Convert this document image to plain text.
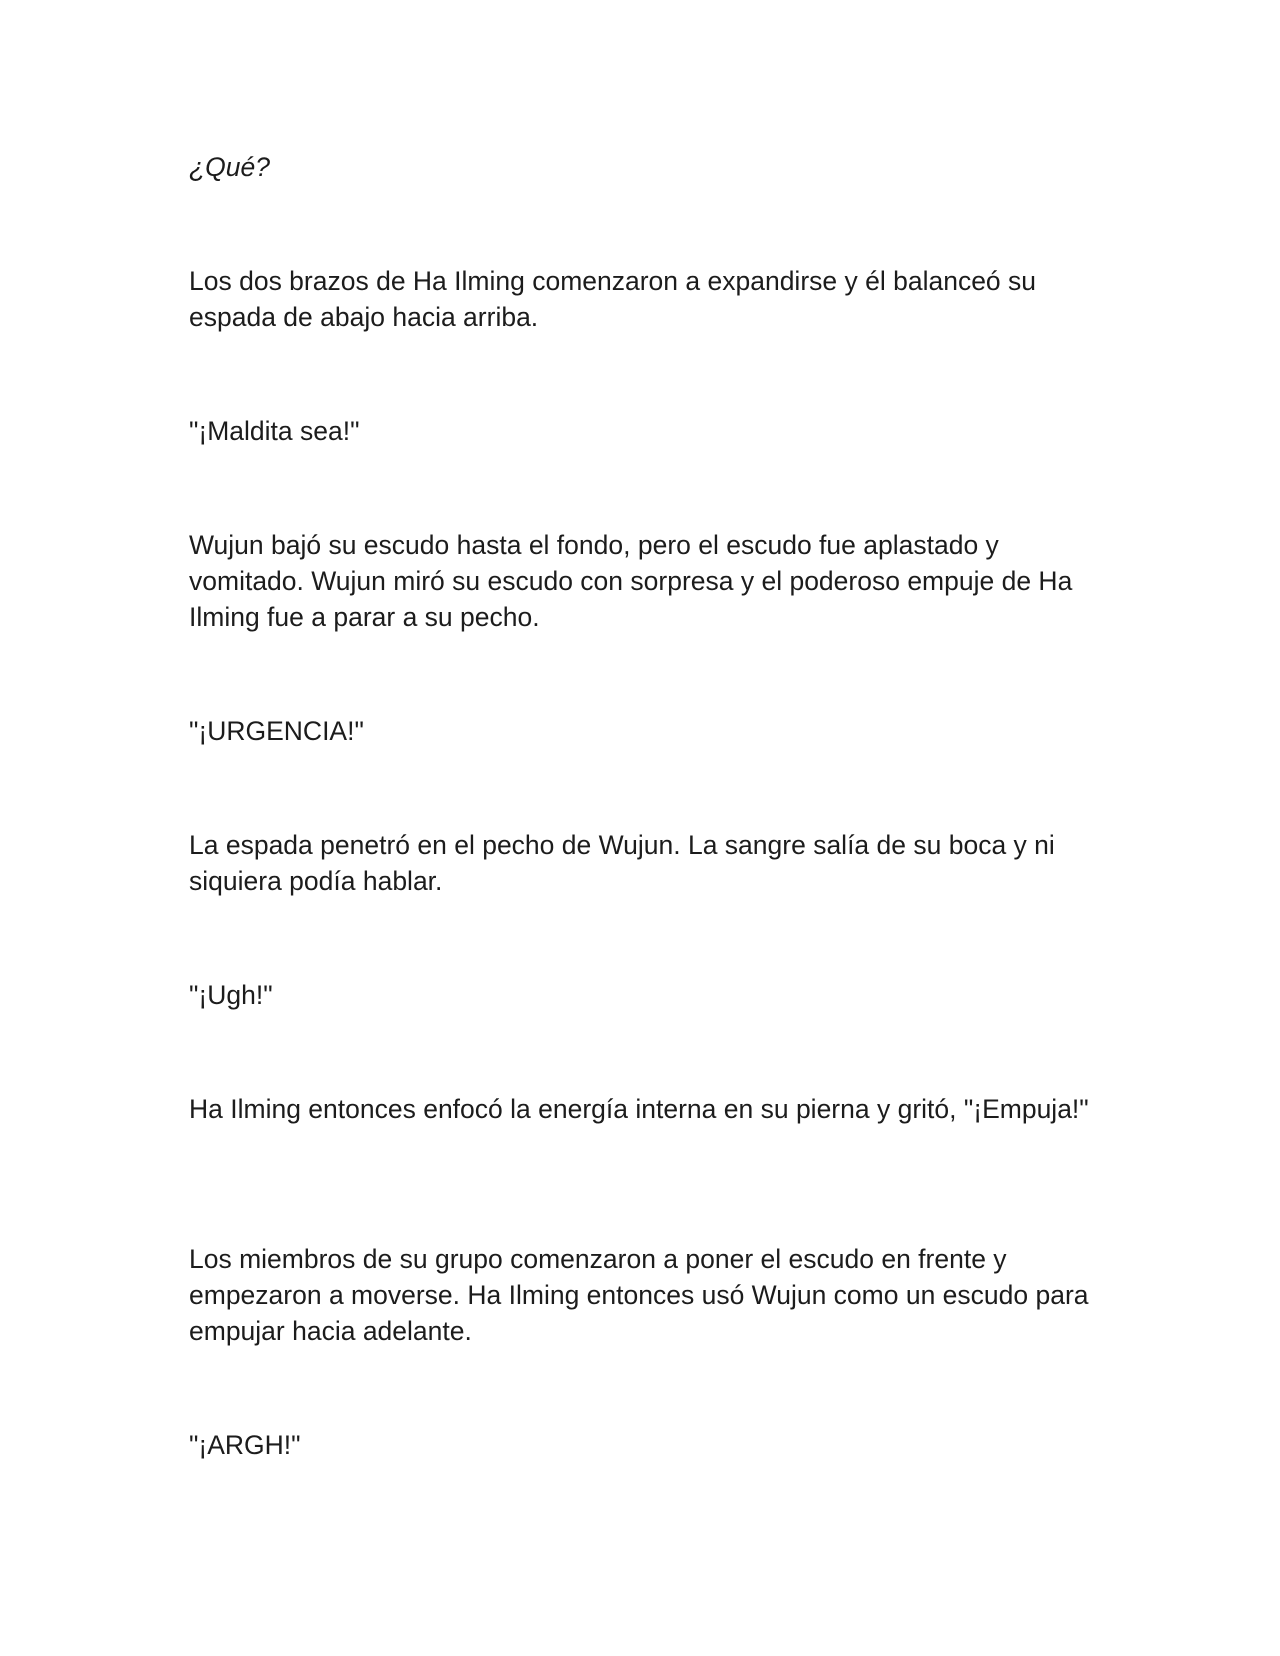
¿Qué?

Los dos brazos de Ha Ilming comenzaron a expandirse y él balanceó su espada de abajo hacia arriba.

"¡Maldita sea!"

Wujun bajó su escudo hasta el fondo, pero el escudo fue aplastado y vomitado. Wujun miró su escudo con sorpresa y el poderoso empuje de Ha Ilming fue a parar a su pecho.

"¡URGENCIA!"

La espada penetró en el pecho de Wujun. La sangre salía de su boca y ni siquiera podía hablar.

"¡Ugh!"

Ha Ilming entonces enfocó la energía interna en su pierna y gritó, "¡Empuja!"

Los miembros de su grupo comenzaron a poner el escudo en frente y empezaron a moverse. Ha Ilming entonces usó Wujun como un escudo para empujar hacia adelante.

"¡ARGH!"
